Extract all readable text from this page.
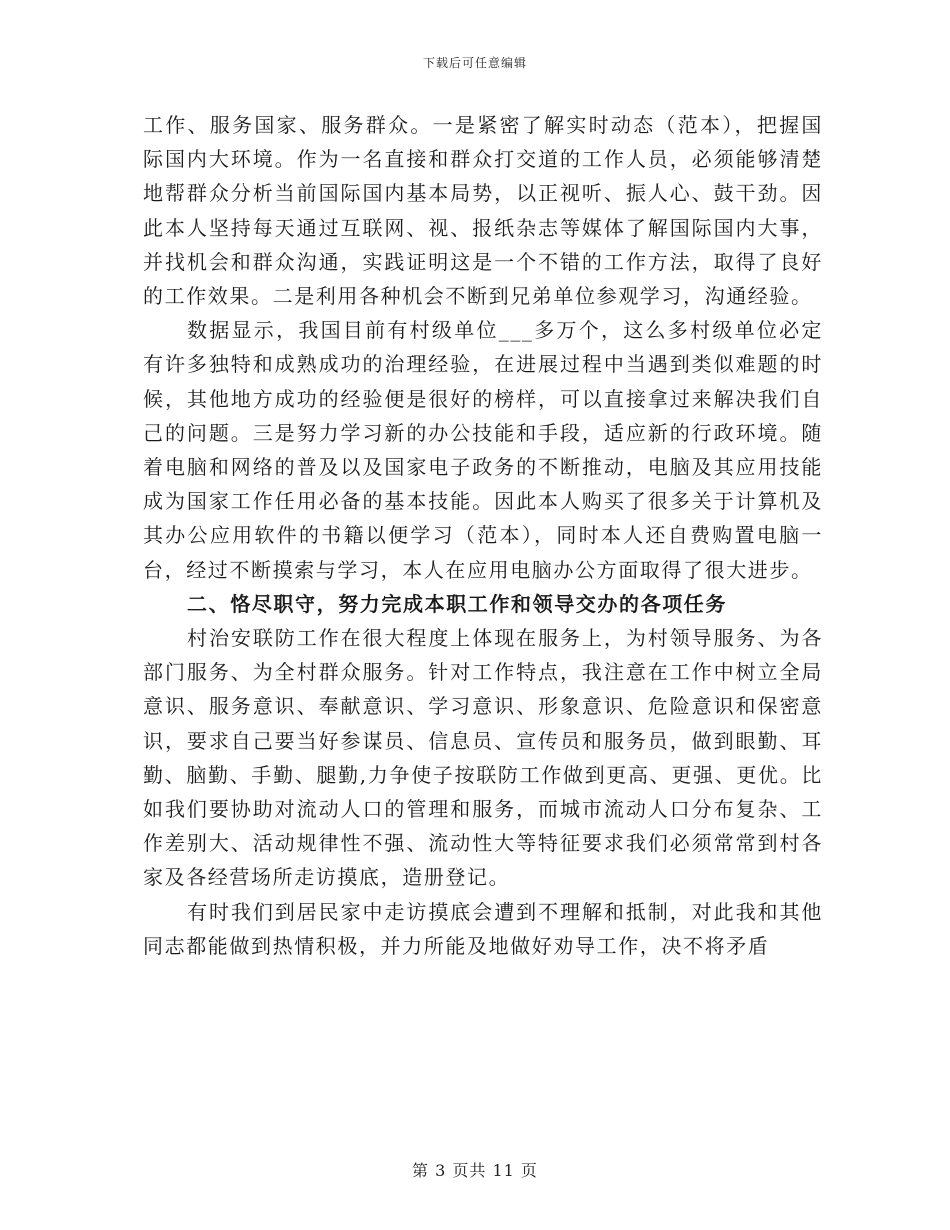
下载后可任意编辑

工作、服务国家、服务群众。一是紧密了解实时动态（范本），把握国际国内大环境。作为一名直接和群众打交道的工作人员，必须能够清楚地帮群众分析当前国际国内基本局势，以正视听、振人心、鼓干劲。因此本人坚持每天通过互联网、视、报纸杂志等媒体了解国际国内大事，并找机会和群众沟通，实践证明这是一个不错的工作方法，取得了良好的工作效果。二是利用各种机会不断到兄弟单位参观学习，沟通经验。

数据显示，我国目前有村级单位___多万个，这么多村级单位必定有许多独特和成熟成功的治理经验，在进展过程中当遇到类似难题的时候，其他地方成功的经验便是很好的榜样，可以直接拿过来解决我们自己的问题。三是努力学习新的办公技能和手段，适应新的行政环境。随着电脑和网络的普及以及国家电子政务的不断推动，电脑及其应用技能成为国家工作任用必备的基本技能。因此本人购买了很多关于计算机及其办公应用软件的书籍以便学习（范本），同时本人还自费购置电脑一台，经过不断摸索与学习，本人在应用电脑办公方面取得了很大进步。

二、恪尽职守，努力完成本职工作和领导交办的各项任务

村治安联防工作在很大程度上体现在服务上，为村领导服务、为各部门服务、为全村群众服务。针对工作特点，我注意在工作中树立全局意识、服务意识、奉献意识、学习意识、形象意识、危险意识和保密意识，要求自己要当好参谋员、信息员、宣传员和服务员，做到眼勤、耳勤、脑勤、手勤、腿勤,力争使子按联防工作做到更高、更强、更优。比如我们要协助对流动人口的管理和服务，而城市流动人口分布复杂、工作差别大、活动规律性不强、流动性大等特征要求我们必须常常到村各家及各经营场所走访摸底，造册登记。

有时我们到居民家中走访摸底会遭到不理解和抵制，对此我和其他同志都能做到热情积极，并力所能及地做好劝导工作，决不将矛盾

第 3 页共 11 页
